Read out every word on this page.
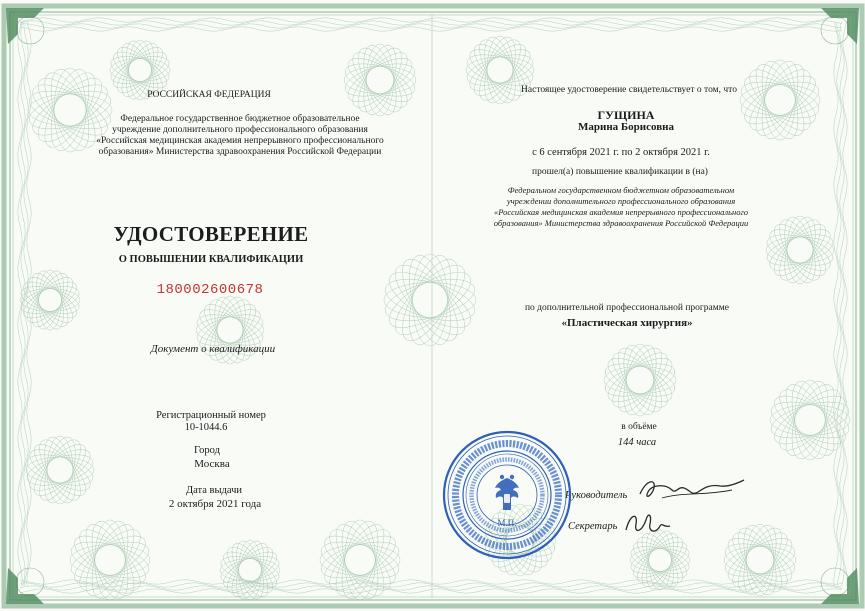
РОССИЙСКАЯ ФЕДЕРАЦИЯ
Федеральное государственное бюджетное образовательное
учреждение дополнительного профессионального образования
«Российская медицинская академия непрерывного профессионального
образования» Министерства здравоохранения Российской Федерации
УДОСТОВЕРЕНИЕ
О ПОВЫШЕНИИ КВАЛИФИКАЦИИ
180002600678
Документ о квалификации
Регистрационный номер
10-1044.6
Город
Москва
Дата выдачи
2 октября 2021 года
Настоящее удостоверение свидетельствует о том, что
ГУЩИНА
Марина Борисовна
с 6 сентября 2021 г. по 2 октября 2021 г.
прошел(а) повышение квалификации в (на)
Федеральном государственном бюджетном образовательном
учреждении дополнительного профессионального образования
«Российская медицинская академия непрерывного профессионального
образования» Министерства здравоохранения Российской Федерации
по дополнительной профессиональной программе
«Пластическая хирургия»
в объёме
144 часа
Руководитель
Секретарь
М.П.
